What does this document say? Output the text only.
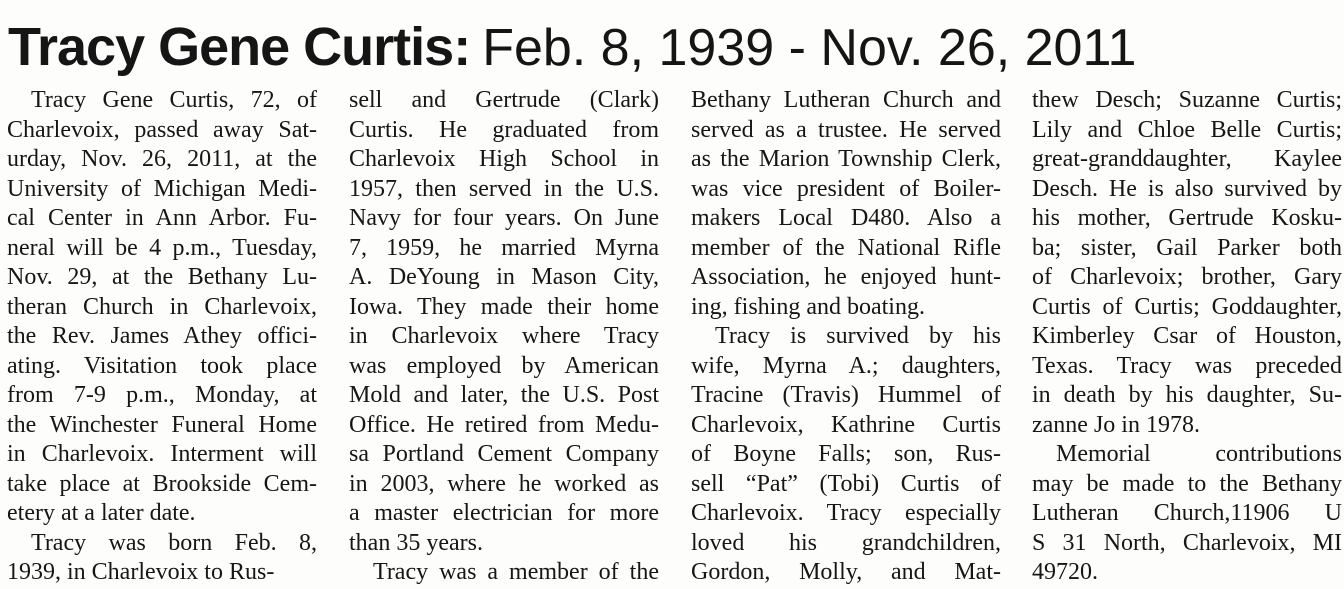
Tracy Gene Curtis: Feb. 8, 1939 - Nov. 26, 2011
Tracy Gene Curtis, 72, of
Charlevoix, passed away Sat-
urday, Nov. 26, 2011, at the
University of Michigan Medi-
cal Center in Ann Arbor. Fu-
neral will be 4 p.m., Tuesday,
Nov. 29, at the Bethany Lu-
theran Church in Charlevoix,
the Rev. James Athey offici-
ating. Visitation took place
from 7-9 p.m., Monday, at
the Winchester Funeral Home
in Charlevoix. Interment will
take place at Brookside Cem-
etery at a later date.
Tracy was born Feb. 8,
1939, in Charlevoix to Rus-
sell and Gertrude (Clark)
Curtis. He graduated from
Charlevoix High School in
1957, then served in the U.S.
Navy for four years. On June
7, 1959, he married Myrna
A. DeYoung in Mason City,
Iowa. They made their home
in Charlevoix where Tracy
was employed by American
Mold and later, the U.S. Post
Office. He retired from Medu-
sa Portland Cement Company
in 2003, where he worked as
a master electrician for more
than 35 years.
Tracy was a member of the
Bethany Lutheran Church and
served as a trustee. He served
as the Marion Township Clerk,
was vice president of Boiler-
makers Local D480. Also a
member of the National Rifle
Association, he enjoyed hunt-
ing, fishing and boating.
Tracy is survived by his
wife, Myrna A.; daughters,
Tracine (Travis) Hummel of
Charlevoix, Kathrine Curtis
of Boyne Falls; son, Rus-
sell “Pat” (Tobi) Curtis of
Charlevoix. Tracy especially
loved his grandchildren,
Gordon, Molly, and Mat-
thew Desch; Suzanne Curtis;
Lily and Chloe Belle Curtis;
great-granddaughter, Kaylee
Desch. He is also survived by
his mother, Gertrude Kosku-
ba; sister, Gail Parker both
of Charlevoix; brother, Gary
Curtis of Curtis; Goddaughter,
Kimberley Csar of Houston,
Texas. Tracy was preceded
in death by his daughter, Su-
zanne Jo in 1978.
Memorial contributions
may be made to the Bethany
Lutheran Church,11906 U
S 31 North, Charlevoix, MI
49720.
